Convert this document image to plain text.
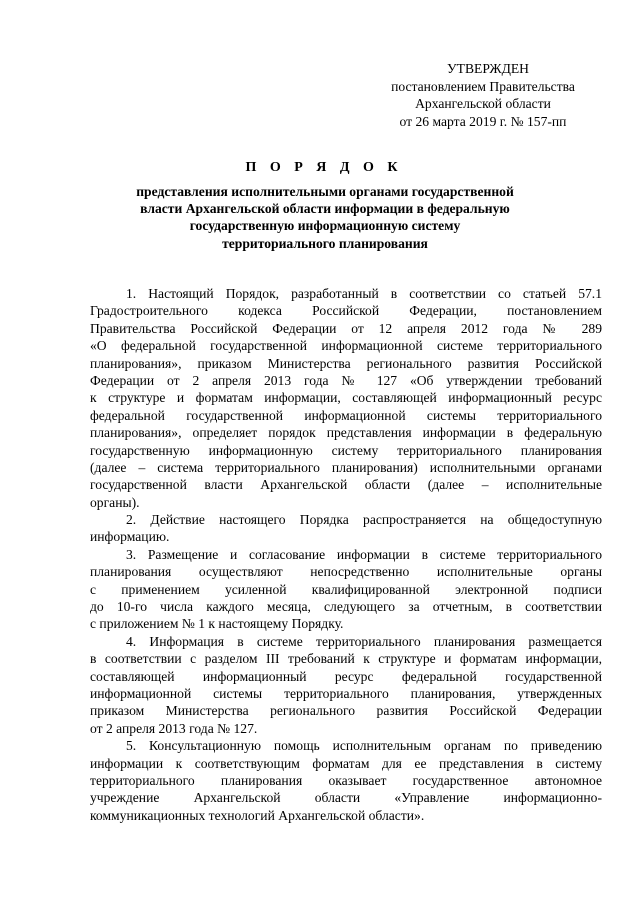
УТВЕРЖДЕН
постановлением Правительства
Архангельской области
от 26 марта 2019 г. № 157-пп
П О Р Я Д О К
представления исполнительными органами государственной
власти Архангельской области информации в федеральную
государственную информационную систему
территориального планирования
1. Настоящий Порядок, разработанный в соответствии со статьей 57.1
Градостроительного кодекса Российской Федерации, постановлением
Правительства Российской Федерации от 12 апреля 2012 года № 289
«О федеральной государственной информационной системе территориального
планирования», приказом Министерства регионального развития Российской
Федерации от 2 апреля 2013 года № 127 «Об утверждении требований
к структуре и форматам информации, составляющей информационный ресурс
федеральной государственной информационной системы территориального
планирования», определяет порядок представления информации в федеральную
государственную информационную систему территориального планирования
(далее – система территориального планирования) исполнительными органами
государственной власти Архангельской области (далее – исполнительные
органы).
2. Действие настоящего Порядка распространяется на общедоступную
информацию.
3. Размещение и согласование информации в системе территориального
планирования осуществляют непосредственно исполнительные органы
с применением усиленной квалифицированной электронной подписи
до 10-го числа каждого месяца, следующего за отчетным, в соответствии
с приложением № 1 к настоящему Порядку.
4. Информация в системе территориального планирования размещается
в соответствии с разделом III требований к структуре и форматам информации,
составляющей информационный ресурс федеральной государственной
информационной системы территориального планирования, утвержденных
приказом Министерства регионального развития Российской Федерации
от 2 апреля 2013 года № 127.
5. Консультационную помощь исполнительным органам по приведению
информации к соответствующим форматам для ее представления в систему
территориального планирования оказывает государственное автономное
учреждение Архангельской области «Управление информационно-
коммуникационных технологий Архангельской области».
